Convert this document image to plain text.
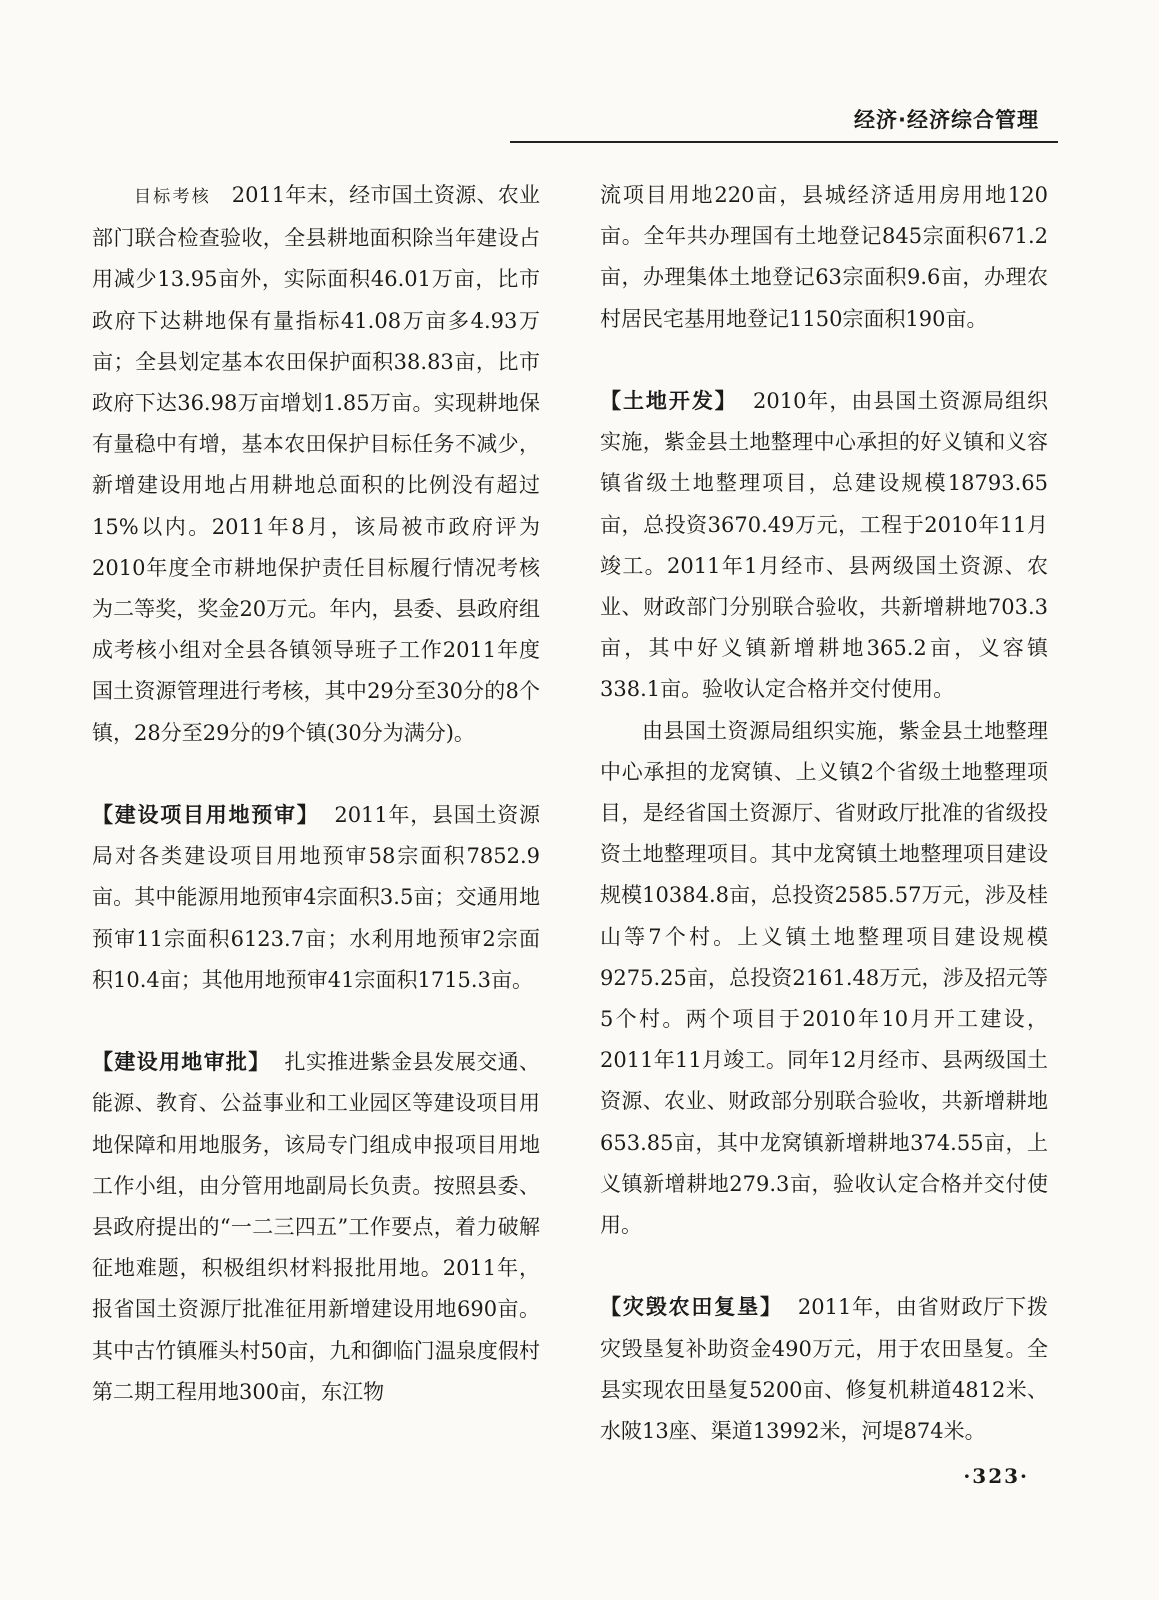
经济·经济综合管理

目标考核 2011年末，经市国土资源、农业部门联合检查验收，全县耕地面积除当年建设占用减少13.95亩外，实际面积46.01万亩，比市政府下达耕地保有量指标41.08万亩多4.93万亩；全县划定基本农田保护面积38.83亩，比市政府下达36.98万亩增划1.85万亩。实现耕地保有量稳中有增，基本农田保护目标任务不减少，新增建设用地占用耕地总面积的比例没有超过15%以内。2011年8月，该局被市政府评为2010年度全市耕地保护责任目标履行情况考核为二等奖，奖金20万元。年内，县委、县政府组成考核小组对全县各镇领导班子工作2011年度国土资源管理进行考核，其中29分至30分的8个镇，28分至29分的9个镇(30分为满分)。

【建设项目用地预审】 2011年，县国土资源局对各类建设项目用地预审58宗面积7852.9亩。其中能源用地预审4宗面积3.5亩；交通用地预审11宗面积6123.7亩；水利用地预审2宗面积10.4亩；其他用地预审41宗面积1715.3亩。

【建设用地审批】 扎实推进紫金县发展交通、能源、教育、公益事业和工业园区等建设项目用地保障和用地服务，该局专门组成申报项目用地工作小组，由分管用地副局长负责。按照县委、县政府提出的“一二三四五”工作要点，着力破解征地难题，积极组织材料报批用地。2011年，报省国土资源厅批准征用新增建设用地690亩。其中古竹镇雁头村50亩，九和御临门温泉度假村第二期工程用地300亩，东江物

流项目用地220亩，县城经济适用房用地120亩。全年共办理国有土地登记845宗面积671.2亩，办理集体土地登记63宗面积9.6亩，办理农村居民宅基用地登记1150宗面积190亩。

【土地开发】 2010年，由县国土资源局组织实施，紫金县土地整理中心承担的好义镇和义容镇省级土地整理项目，总建设规模18793.65亩，总投资3670.49万元，工程于2010年11月竣工。2011年1月经市、县两级国土资源、农业、财政部门分别联合验收，共新增耕地703.3亩，其中好义镇新增耕地365.2亩，义容镇338.1亩。验收认定合格并交付使用。

由县国土资源局组织实施，紫金县土地整理中心承担的龙窝镇、上义镇2个省级土地整理项目，是经省国土资源厅、省财政厅批准的省级投资土地整理项目。其中龙窝镇土地整理项目建设规模10384.8亩，总投资2585.57万元，涉及桂山等7个村。上义镇土地整理项目建设规模9275.25亩，总投资2161.48万元，涉及招元等5个村。两个项目于2010年10月开工建设，2011年11月竣工。同年12月经市、县两级国土资源、农业、财政部分别联合验收，共新增耕地653.85亩，其中龙窝镇新增耕地374.55亩，上义镇新增耕地279.3亩，验收认定合格并交付使用。

【灾毁农田复垦】 2011年，由省财政厅下拨灾毁垦复补助资金490万元，用于农田垦复。全县实现农田垦复5200亩、修复机耕道4812米、水陂13座、渠道13992米，河堤874米。

·323·
